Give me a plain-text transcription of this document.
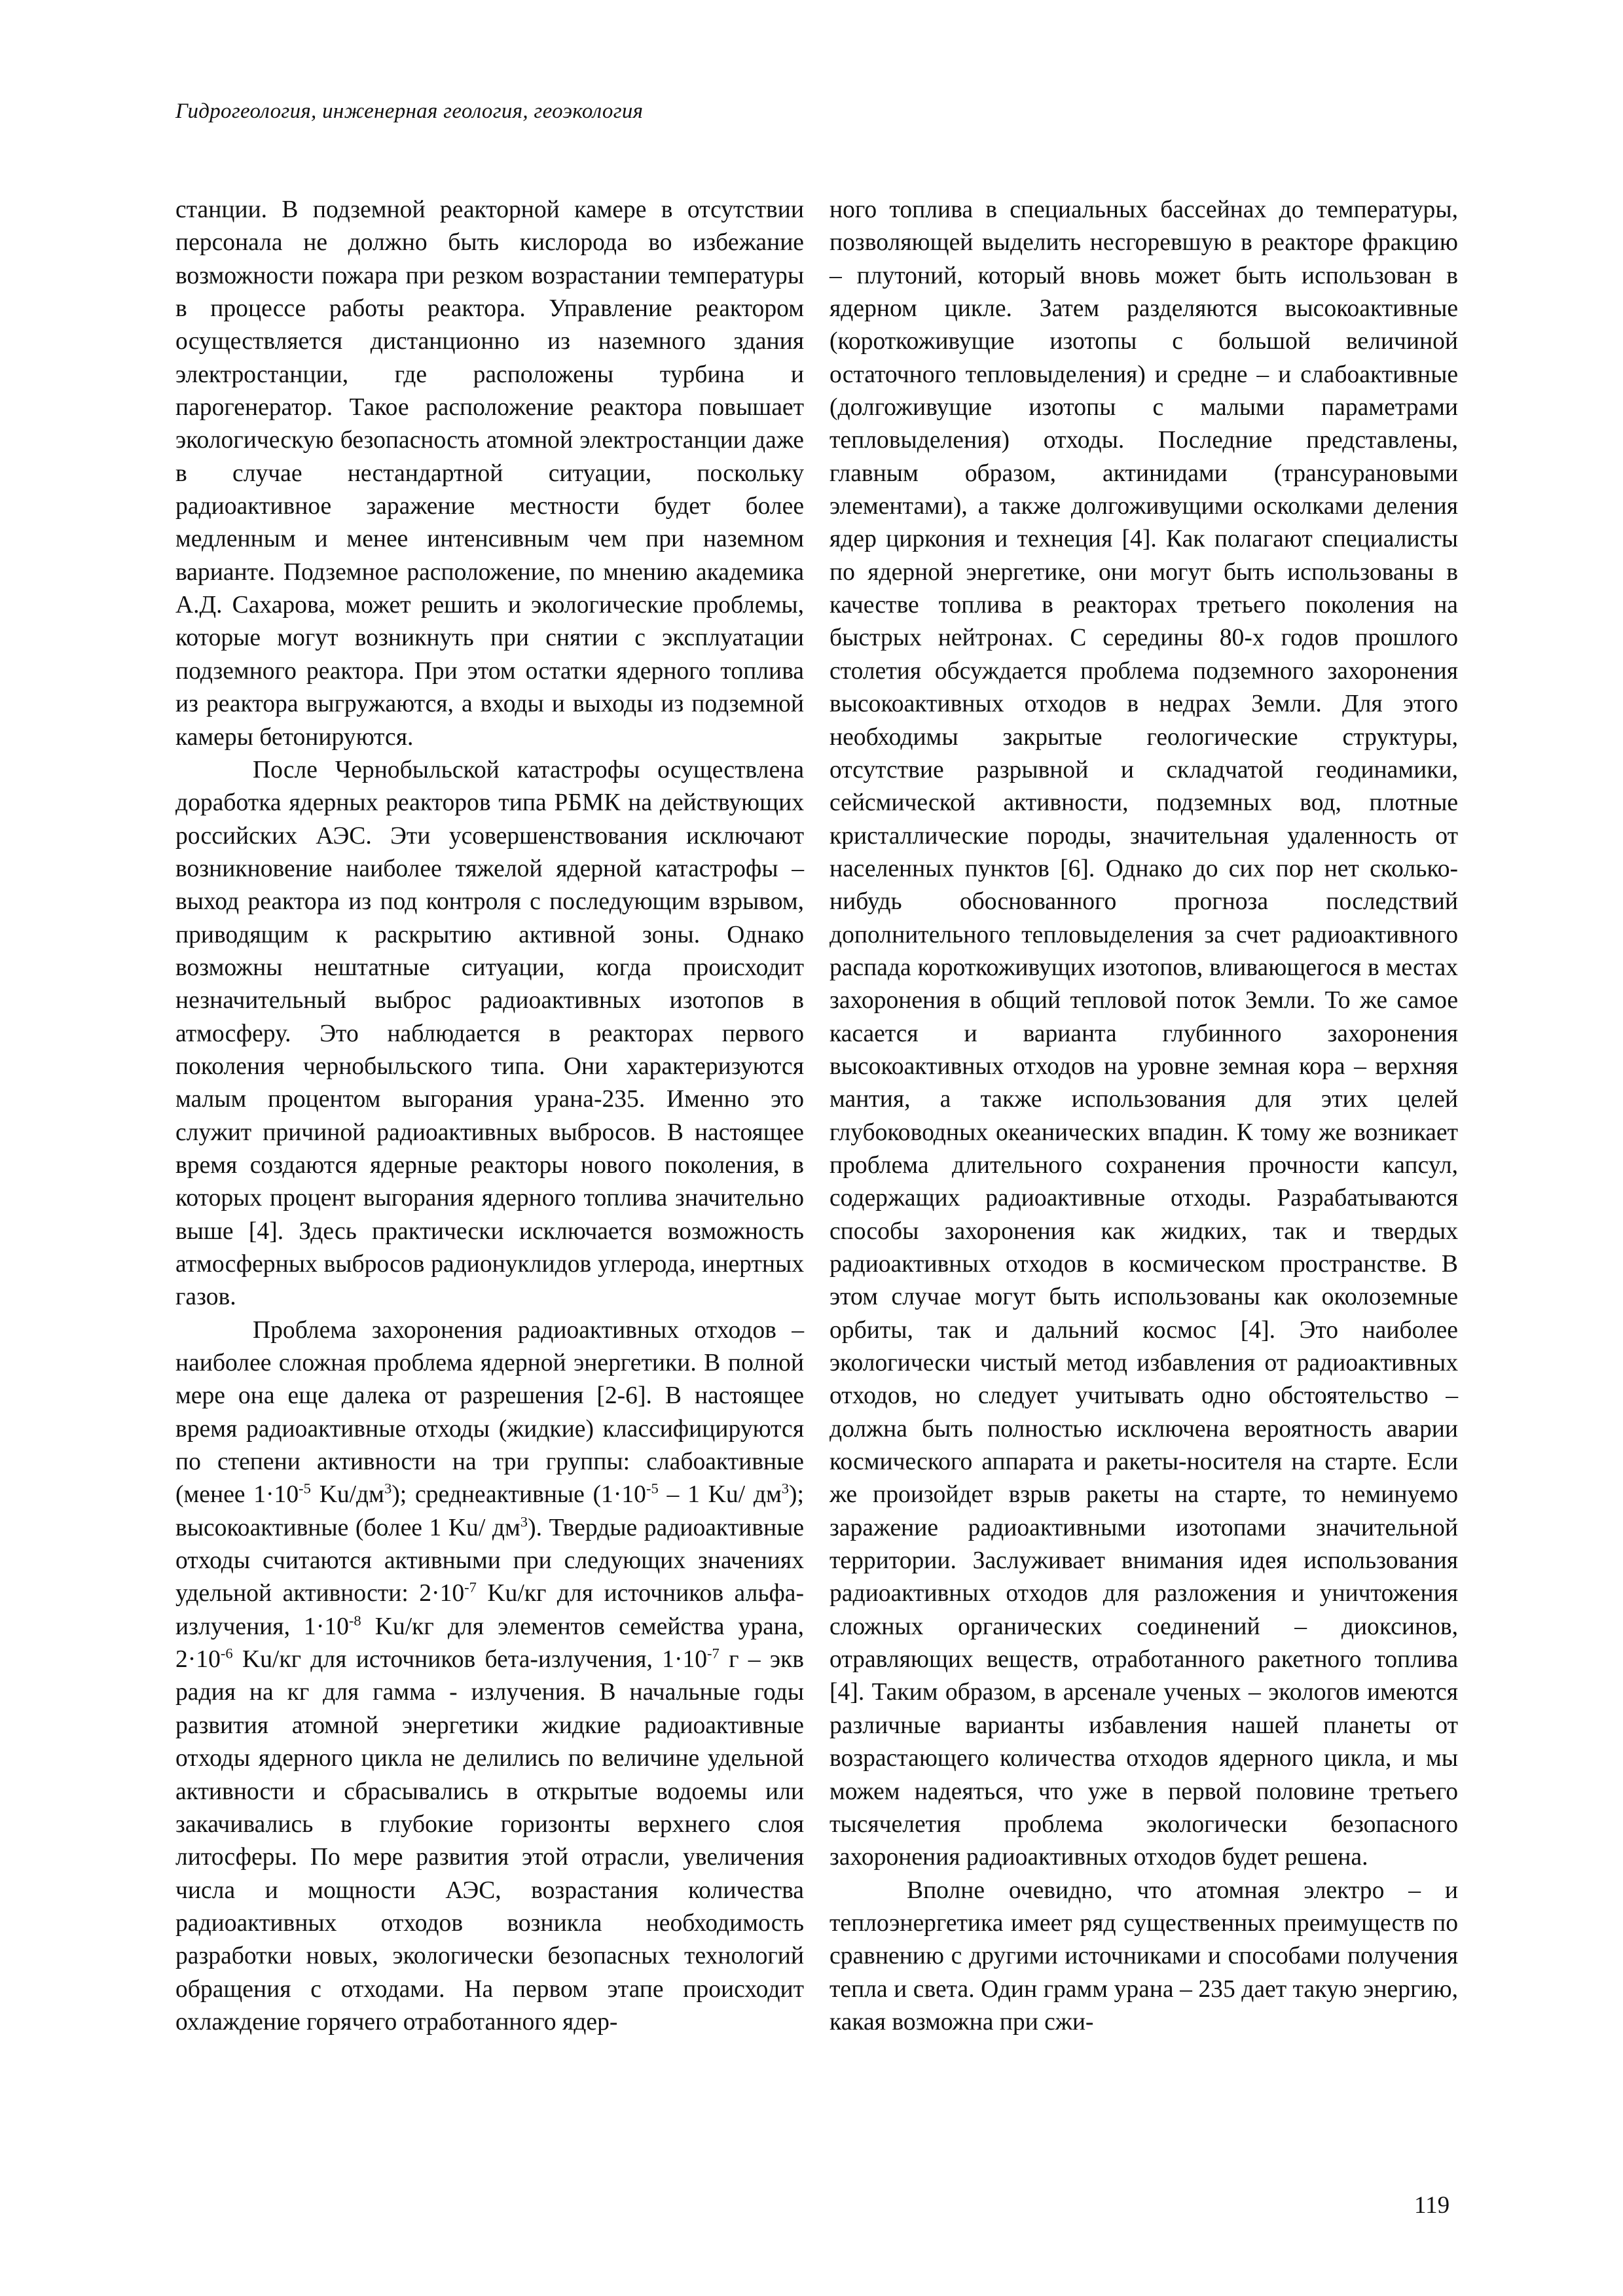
Гидрогеология, инженерная геология, геоэкология

станции. В подземной реакторной камере в отсутствии персонала не должно быть кислорода во избежание возможности пожара при резком возрастании температуры в процессе работы реактора. Управление реактором осуществляется дистанционно из наземного здания электростанции, где расположены турбина и парогенератор. Такое расположение реактора повышает экологическую безопасность атомной электростанции даже в случае нестандартной ситуации, поскольку радиоактивное заражение местности будет более медленным и менее интенсивным чем при наземном варианте. Подземное расположение, по мнению академика А.Д. Сахарова, может решить и экологические проблемы, которые могут возникнуть при снятии с эксплуатации подземного реактора. При этом остатки ядерного топлива из реактора выгружаются, а входы и выходы из подземной камеры бетонируются.

После Чернобыльской катастрофы осуществлена доработка ядерных реакторов типа РБМК на действующих российских АЭС. Эти усовершенствования исключают возникновение наиболее тяжелой ядерной катастрофы – выход реактора из под контроля с последующим взрывом, приводящим к раскрытию активной зоны. Однако возможны нештатные ситуации, когда происходит незначительный выброс радиоактивных изотопов в атмосферу. Это наблюдается в реакторах первого поколения чернобыльского типа. Они характеризуются малым процентом выгорания урана-235. Именно это служит причиной радиоактивных выбросов. В настоящее время создаются ядерные реакторы нового поколения, в которых процент выгорания ядерного топлива значительно выше [4]. Здесь практически исключается возможность атмосферных выбросов радионуклидов углерода, инертных газов.

Проблема захоронения радиоактивных отходов – наиболее сложная проблема ядерной энергетики. В полной мере она еще далека от разрешения [2-6]. В настоящее время радиоактивные отходы (жидкие) классифицируются по степени активности на три группы: слабоактивные (менее $1\cdot 10^{-5}$ $Ku/дм^3$); среднеактивные ($1\cdot 10^{-5} - 1$ Ku/ $дм^3$); высокоактивные (более 1 Ku/ $дм^3$). Твердые радиоактивные отходы считаются активными при следующих значениях удельной активности: $2\cdot 10^{-7}$ Ku/кг для источников альфа-излучения, $1\cdot 10^{-8}$ Ku/кг для элементов семейства урана, $2\cdot 10^{-6}$ Ku/кг для источников бета-излучения, $1\cdot 10^{-7}$ г – экв радия на кг для гамма - излучения. В начальные годы развития атомной энергетики жидкие радиоактивные отходы ядерного цикла не делились по величине удельной активности и сбрасывались в открытые водоемы или закачивались в глубокие горизонты верхнего слоя литосферы. По мере развития этой отрасли, увеличения числа и мощности АЭС, возрастания количества радиоактивных отходов возникла необходимость разработки новых, экологически безопасных технологий обращения с отходами. На первом этапе происходит охлаждение горячего отработанного ядер-

ного топлива в специальных бассейнах до температуры, позволяющей выделить несгоревшую в реакторе фракцию – плутоний, который вновь может быть использован в ядерном цикле. Затем разделяются высокоактивные (короткоживущие изотопы с большой величиной остаточного тепловыделения) и средне – и слабоактивные (долгоживущие изотопы с малыми параметрами тепловыделения) отходы. Последние представлены, главным образом, актинидами (трансурановыми элементами), а также долгоживущими осколками деления ядер циркония и технеция [4]. Как полагают специалисты по ядерной энергетике, они могут быть использованы в качестве топлива в реакторах третьего поколения на быстрых нейтронах. С середины 80-х годов прошлого столетия обсуждается проблема подземного захоронения высокоактивных отходов в недрах Земли. Для этого необходимы закрытые геологические структуры, отсутствие разрывной и складчатой геодинамики, сейсмической активности, подземных вод, плотные кристаллические породы, значительная удаленность от населенных пунктов [6]. Однако до сих пор нет сколько-нибудь обоснованного прогноза последствий дополнительного тепловыделения за счет радиоактивного распада короткоживущих изотопов, вливающегося в местах захоронения в общий тепловой поток Земли. То же самое касается и варианта глубинного захоронения высокоактивных отходов на уровне земная кора – верхняя мантия, а также использования для этих целей глубоководных океанических впадин. К тому же возникает проблема длительного сохранения прочности капсул, содержащих радиоактивные отходы. Разрабатываются способы захоронения как жидких, так и твердых радиоактивных отходов в космическом пространстве. В этом случае могут быть использованы как околоземные орбиты, так и дальний космос [4]. Это наиболее экологически чистый метод избавления от радиоактивных отходов, но следует учитывать одно обстоятельство – должна быть полностью исключена вероятность аварии космического аппарата и ракеты-носителя на старте. Если же произойдет взрыв ракеты на старте, то неминуемо заражение радиоактивными изотопами значительной территории. Заслуживает внимания идея использования радиоактивных отходов для разложения и уничтожения сложных органических соединений – диоксинов, отравляющих веществ, отработанного ракетного топлива [4]. Таким образом, в арсенале ученых – экологов имеются различные варианты избавления нашей планеты от возрастающего количества отходов ядерного цикла, и мы можем надеяться, что уже в первой половине третьего тысячелетия проблема экологически безопасного захоронения радиоактивных отходов будет решена.

Вполне очевидно, что атомная электро – и теплоэнергетика имеет ряд существенных преимуществ по сравнению с другими источниками и способами получения тепла и света. Один грамм урана – 235 дает такую энергию, какая возможна при сжи-

119
